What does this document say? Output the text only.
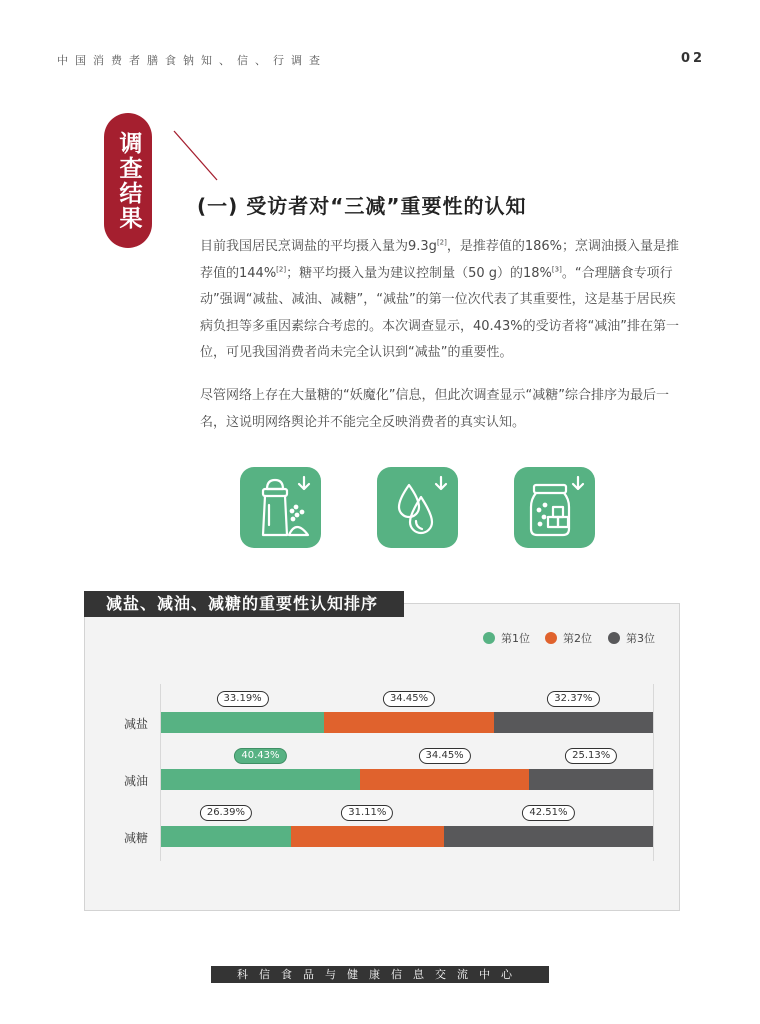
中国消费者膳食钠知、信、行调查	02
调查结果	(一) 受访者对“三减”重要性的认知

目前我国居民烹调盐的平均摄入量为9.3g[2]，是推荐值的186%；烹调油摄入量是推荐值的144%[2]；糖平均摄入量为建议控制量（50 g）的18%[3]。“合理膳食专项行动”强调“减盐、减油、减糖”，“减盐”的第一位次代表了其重要性，这是基于居民疾病负担等多重因素综合考虑的。本次调查显示，40.43%的受访者将“减油”排在第一位，可见我国消费者尚未完全认识到“减盐”的重要性。

尽管网络上存在大量糖的“妖魔化”信息，但此次调查显示“减糖”综合排序为最后一名，这说明网络舆论并不能完全反映消费者的真实认知。

减盐、减油、减糖的重要性认知排序
第1位	第2位	第3位
减盐
减油
减糖
33.19%	34.45%	32.37%
40.43%	34.45%	25.13%
26.39%	31.11%	42.51%
科信食品与健康信息交流中心
